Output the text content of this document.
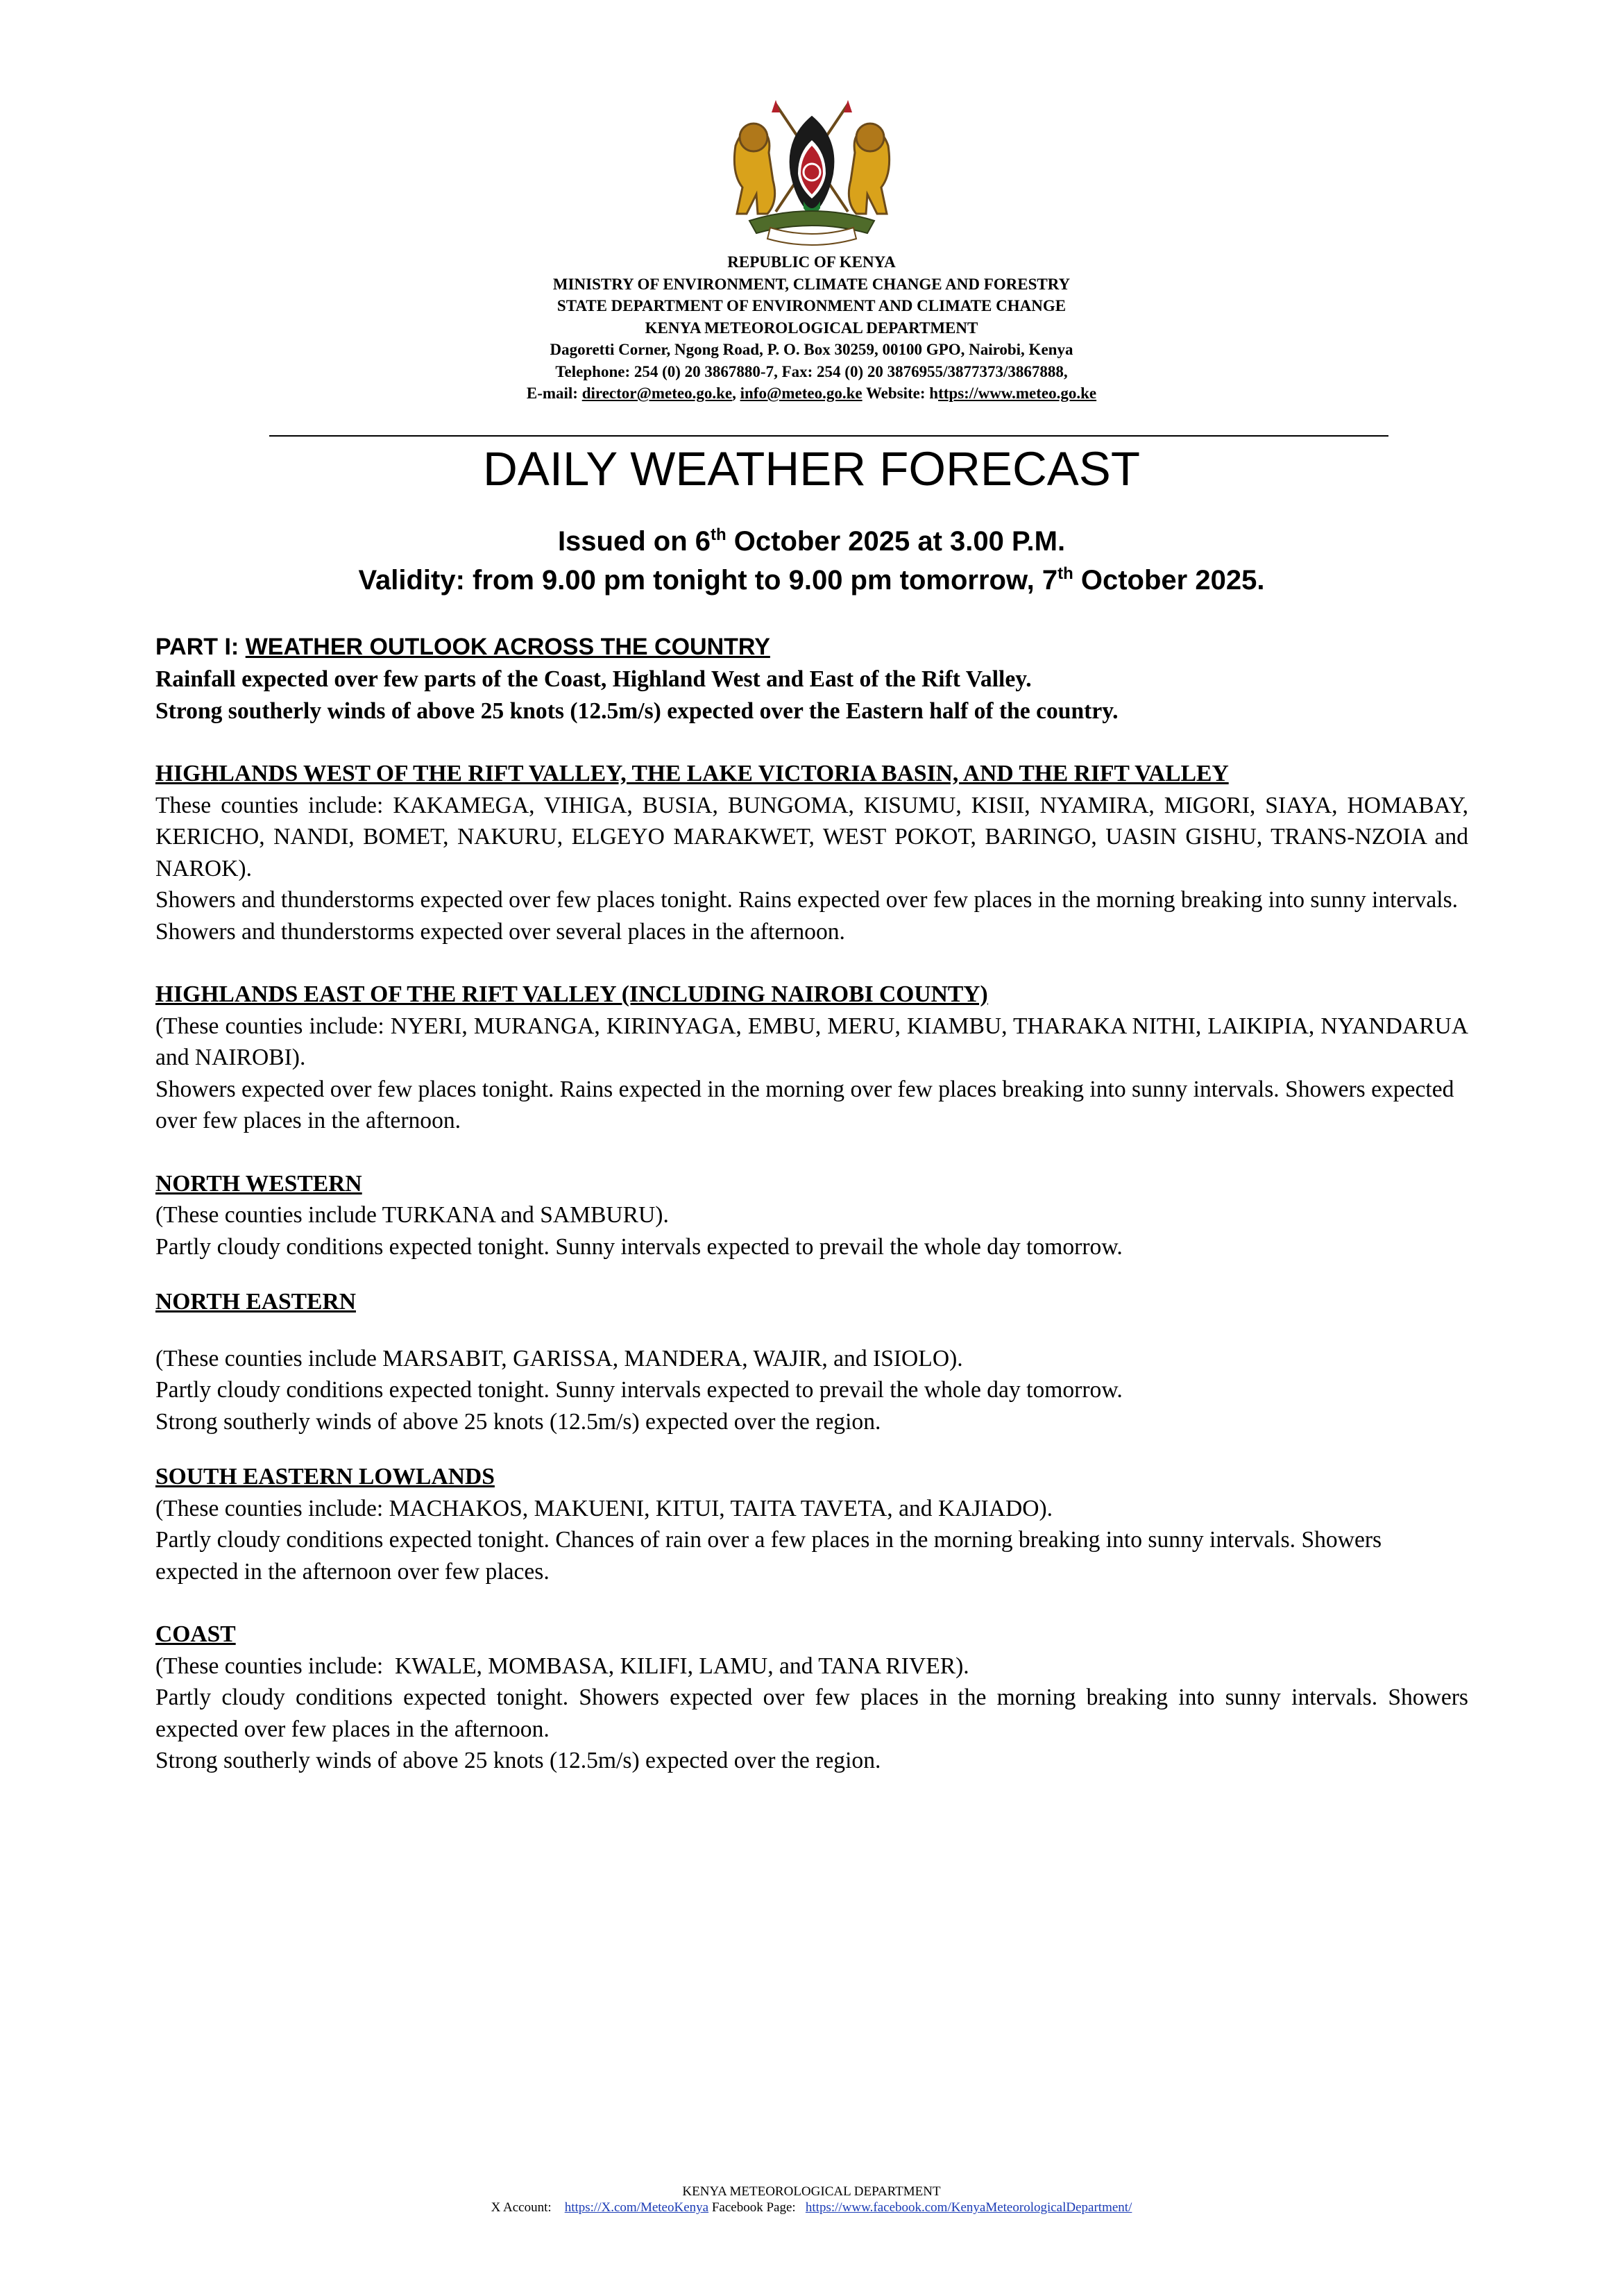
REPUBLIC OF KENYA
MINISTRY OF ENVIRONMENT, CLIMATE CHANGE AND FORESTRY
STATE DEPARTMENT OF ENVIRONMENT AND CLIMATE CHANGE
KENYA METEOROLOGICAL DEPARTMENT
Dagoretti Corner, Ngong Road, P. O. Box 30259, 00100 GPO, Nairobi, Kenya
Telephone: 254 (0) 20 3867880-7, Fax: 254 (0) 20 3876955/3877373/3867888,
E-mail: director@meteo.go.ke, info@meteo.go.ke Website: https://www.meteo.go.ke
DAILY WEATHER FORECAST
Issued on 6th October 2025 at 3.00 P.M.
Validity: from 9.00 pm tonight to 9.00 pm tomorrow, 7th October 2025.
PART I: WEATHER OUTLOOK ACROSS THE COUNTRY
Rainfall expected over few parts of the Coast, Highland West and East of the Rift Valley.
Strong southerly winds of above 25 knots (12.5m/s) expected over the Eastern half of the country.
HIGHLANDS WEST OF THE RIFT VALLEY, THE LAKE VICTORIA BASIN, AND THE RIFT VALLEY
These counties include: KAKAMEGA, VIHIGA, BUSIA, BUNGOMA, KISUMU, KISII, NYAMIRA, MIGORI, SIAYA, HOMABAY, KERICHO, NANDI, BOMET, NAKURU, ELGEYO MARAKWET, WEST POKOT, BARINGO, UASIN GISHU, TRANS-NZOIA and NAROK).
Showers and thunderstorms expected over few places tonight. Rains expected over few places in the morning breaking into sunny intervals. Showers and thunderstorms expected over several places in the afternoon.
HIGHLANDS EAST OF THE RIFT VALLEY (INCLUDING NAIROBI COUNTY)
(These counties include: NYERI, MURANGA, KIRINYAGA, EMBU, MERU, KIAMBU, THARAKA NITHI, LAIKIPIA, NYANDARUA and NAIROBI).
Showers expected over few places tonight. Rains expected in the morning over few places breaking into sunny intervals. Showers expected over few places in the afternoon.
NORTH WESTERN
(These counties include TURKANA and SAMBURU).
Partly cloudy conditions expected tonight. Sunny intervals expected to prevail the whole day tomorrow.
NORTH EASTERN
(These counties include MARSABIT, GARISSA, MANDERA, WAJIR, and ISIOLO).
Partly cloudy conditions expected tonight. Sunny intervals expected to prevail the whole day tomorrow.
Strong southerly winds of above 25 knots (12.5m/s) expected over the region.
SOUTH EASTERN LOWLANDS
(These counties include: MACHAKOS, MAKUENI, KITUI, TAITA TAVETA, and KAJIADO).
Partly cloudy conditions expected tonight. Chances of rain over a few places in the morning breaking into sunny intervals. Showers expected in the afternoon over few places.
COAST
(These counties include:  KWALE, MOMBASA, KILIFI, LAMU, and TANA RIVER).
Partly cloudy conditions expected tonight. Showers expected over few places in the morning breaking into sunny intervals. Showers expected over few places in the afternoon.
Strong southerly winds of above 25 knots (12.5m/s) expected over the region.
KENYA METEOROLOGICAL DEPARTMENT
X Account: https://X.com/MeteoKenya Facebook Page: https://www.facebook.com/KenyaMeteorologicalDepartment/
